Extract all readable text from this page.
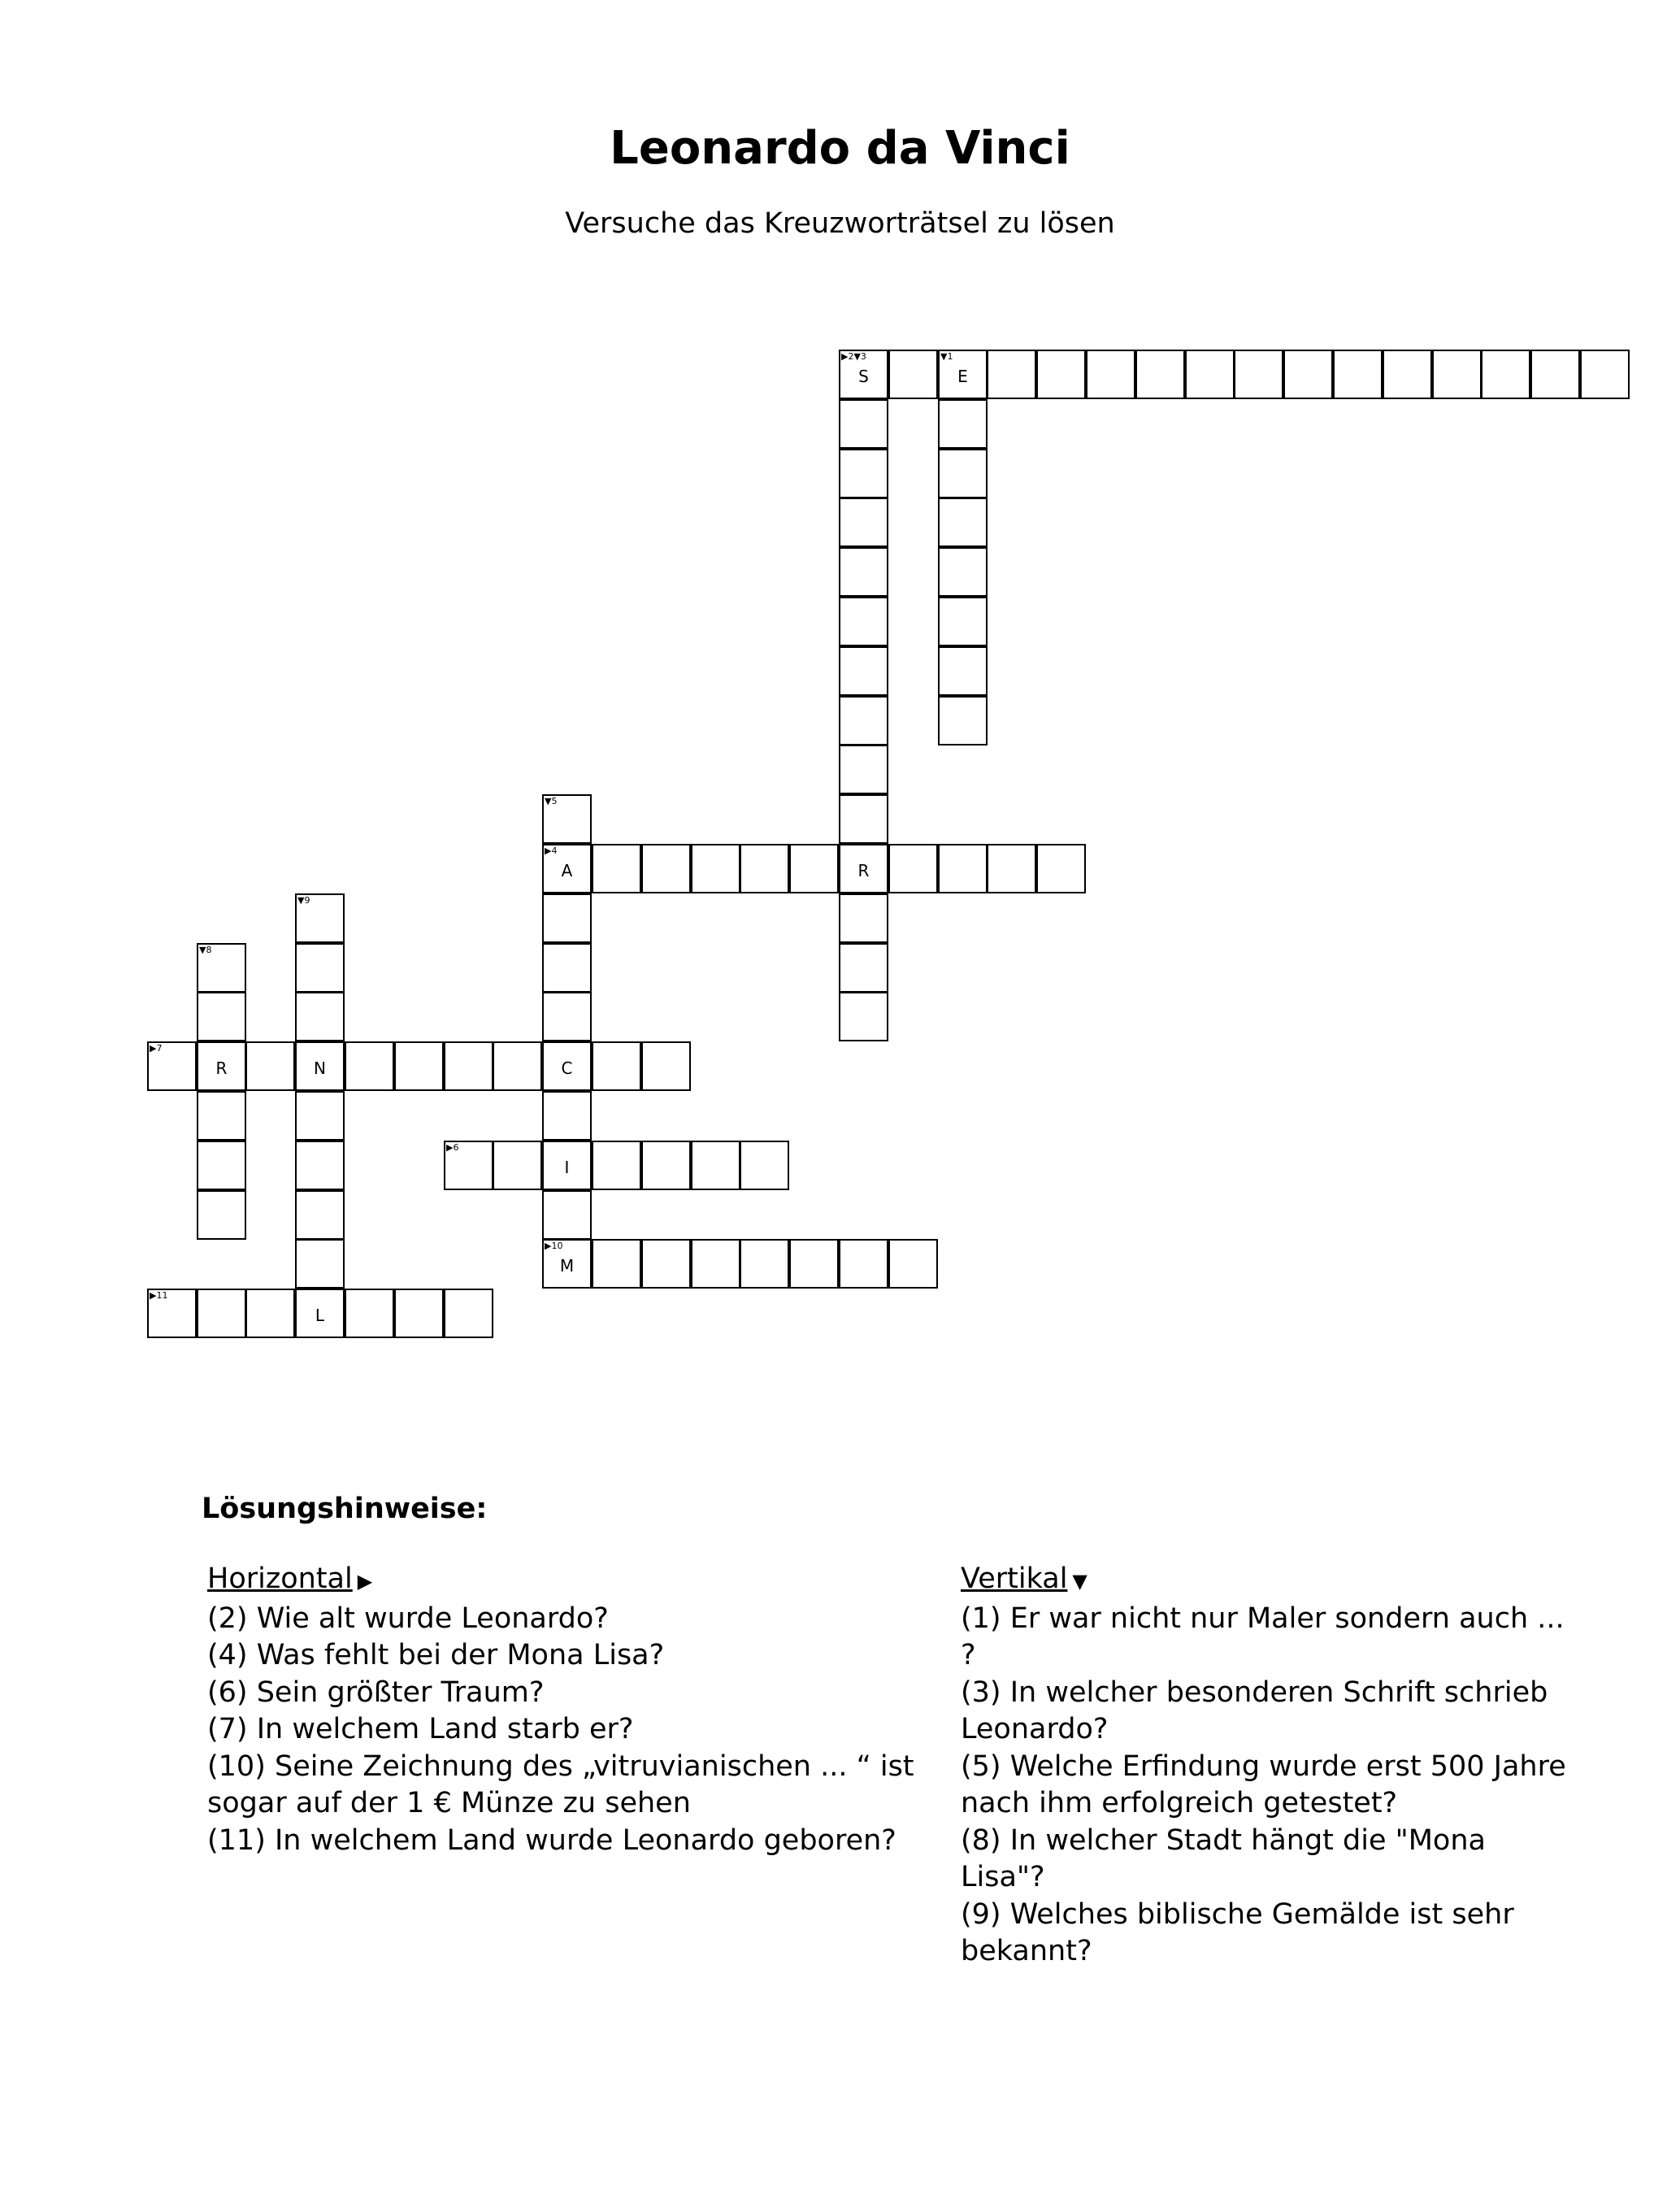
Leonardo da Vinci
Versuche das Kreuzworträtsel zu lösen
▼1
E
▶2▼3
S
R
▶4
A
▼5
C
I
▶10
M
▶6
▶7
R	N
▼8
▼9
L
▶11
Lösungshinweise:
Horizontal ▶

(2) Wie alt wurde Leonardo?

(4) Was fehlt bei der Mona Lisa?

(6) Sein größter Traum?

(7) In welchem Land starb er?

(10) Seine Zeichnung des „vitruvianischen ... “ ist sogar auf der 1 € Münze zu sehen

(11) In welchem Land wurde Leonardo geboren?

Vertikal ▼

(1) Er war nicht nur Maler sondern auch ... ?

(3) In welcher besonderen Schrift schrieb Leonardo?

(5) Welche Erfindung wurde erst 500 Jahre nach ihm erfolgreich getestet?

(8) In welcher Stadt hängt die "Mona Lisa"?

(9) Welches biblische Gemälde ist sehr bekannt?
